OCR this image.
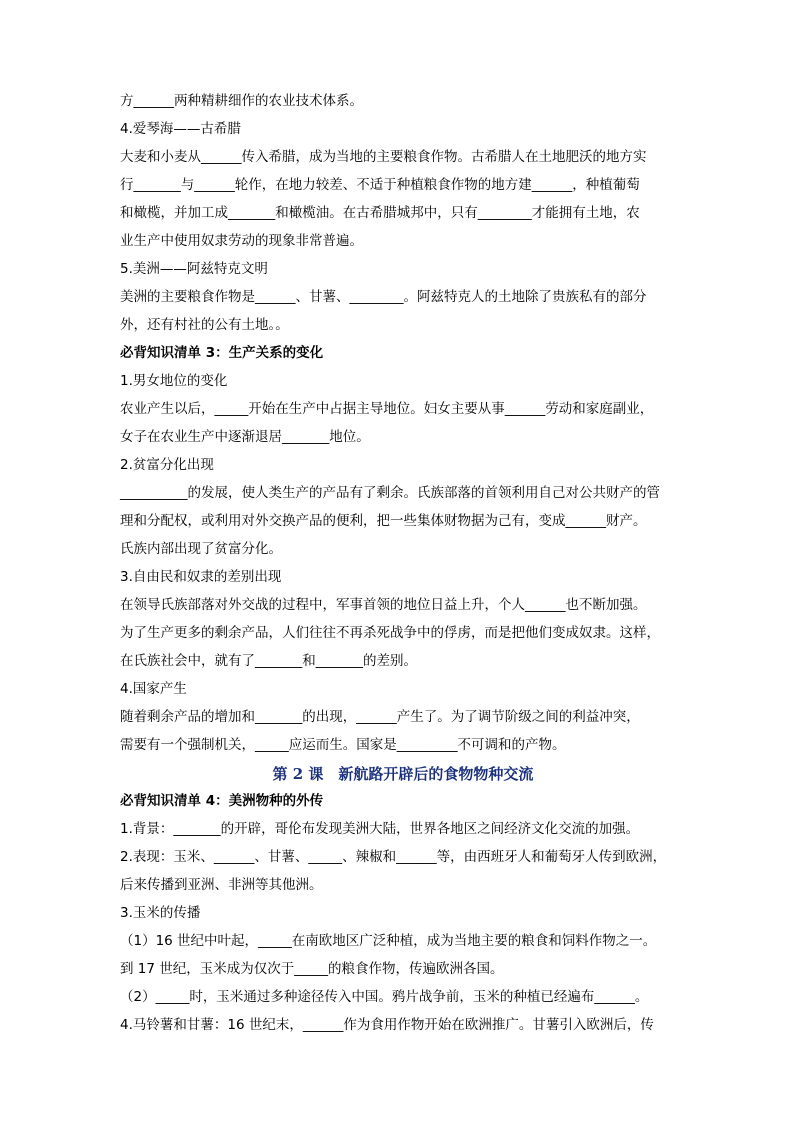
方______两种精耕细作的农业技术体系。
4.爱琴海——古希腊
大麦和小麦从______传入希腊，成为当地的主要粮食作物。古希腊人在土地肥沃的地方实
行_______与______轮作，在地力较差、不适于种植粮食作物的地方建______，种植葡萄
和橄榄，并加工成_______和橄榄油。在古希腊城邦中，只有________才能拥有土地，农
业生产中使用奴隶劳动的现象非常普遍。
5.美洲——阿兹特克文明
美洲的主要粮食作物是______、甘薯、________。阿兹特克人的土地除了贵族私有的部分
外，还有村社的公有土地。。
必背知识清单 3：生产关系的变化
1.男女地位的变化
农业产生以后，_____开始在生产中占据主导地位。妇女主要从事______劳动和家庭副业，
女子在农业生产中逐渐退居_______地位。
2.贫富分化出现
__________的发展，使人类生产的产品有了剩余。氏族部落的首领利用自己对公共财产的管
理和分配权，或利用对外交换产品的便利，把一些集体财物据为己有，变成______财产。
氏族内部出现了贫富分化。
3.自由民和奴隶的差别出现
在领导氏族部落对外交战的过程中，军事首领的地位日益上升，个人______也不断加强。
为了生产更多的剩余产品，人们往往不再杀死战争中的俘虏，而是把他们变成奴隶。这样，
在氏族社会中，就有了_______和_______的差别。
4.国家产生
随着剩余产品的增加和_______的出现，______产生了。为了调节阶级之间的利益冲突，
需要有一个强制机关，_____应运而生。国家是_________不可调和的产物。
第 2 课　新航路开辟后的食物物种交流
必背知识清单 4：美洲物种的外传
1.背景：_______的开辟，哥伦布发现美洲大陆，世界各地区之间经济文化交流的加强。
2.表现：玉米、______、甘薯、_____、辣椒和______等，由西班牙人和葡萄牙人传到欧洲，
后来传播到亚洲、非洲等其他洲。
3.玉米的传播
（1）16 世纪中叶起，_____在南欧地区广泛种植，成为当地主要的粮食和饲料作物之一。
到 17 世纪，玉米成为仅次于_____的粮食作物，传遍欧洲各国。
（2）_____时，玉米通过多种途径传入中国。鸦片战争前，玉米的种植已经遍布______。
4.马铃薯和甘薯：16 世纪末，______作为食用作物开始在欧洲推广。甘薯引入欧洲后，传
